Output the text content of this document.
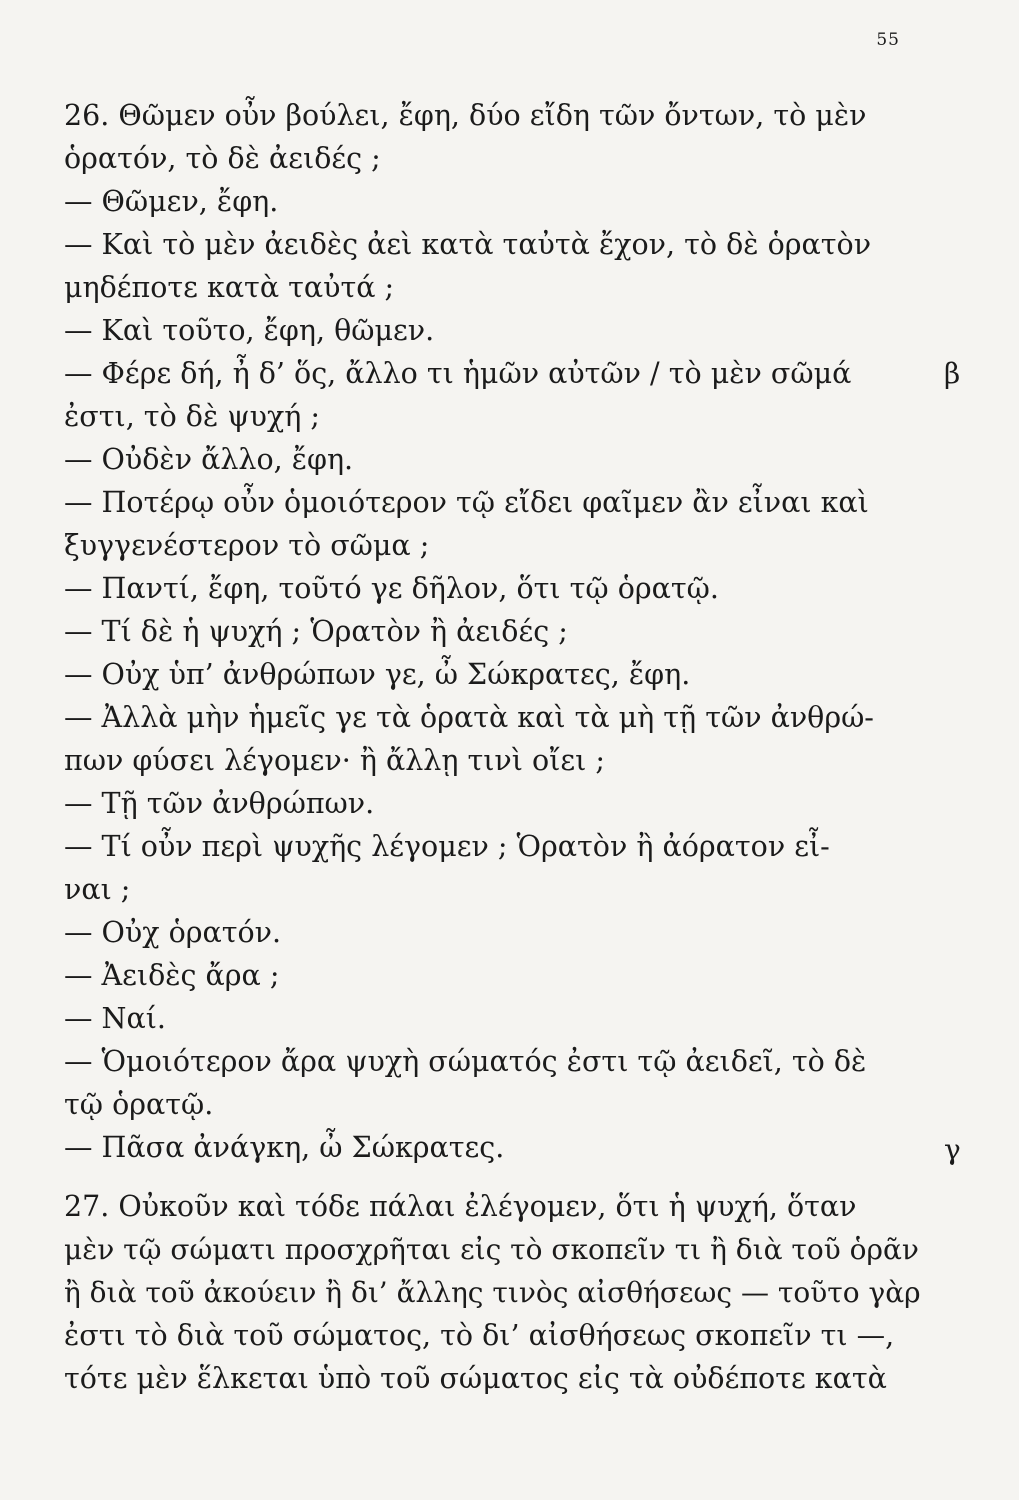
55
26. Θῶμεν οὖν βούλει, ἔφη, δύο εἴδη τῶν ὄντων, τὸ μὲν
ὁρατόν, τὸ δὲ ἀειδές ;
— Θῶμεν, ἔφη.
— Καὶ τὸ μὲν ἀειδὲς ἀεὶ κατὰ ταὐτὰ ἔχον, τὸ δὲ ὁρατὸν
μηδέποτε κατὰ ταὐτά ;
— Καὶ τοῦτο, ἔφη, θῶμεν.
— Φέρε δή, ἦ δ’ ὅς, ἄλλο τι ἡμῶν αὐτῶν / τὸ μὲν σῶμά
ἐστι, τὸ δὲ ψυχή ;
— Οὐδὲν ἄλλο, ἔφη.
— Ποτέρῳ οὖν ὁμοιότερον τῷ εἴδει φαῖμεν ἂν εἶναι καὶ
ξυγγενέστερον τὸ σῶμα ;
— Παντί, ἔφη, τοῦτό γε δῆλον, ὅτι τῷ ὁρατῷ.
— Τί δὲ ἡ ψυχή ; Ὁρατὸν ἢ ἀειδές ;
— Οὐχ ὑπ’ ἀνθρώπων γε, ὦ Σώκρατες, ἔφη.
— Ἀλλὰ μὴν ἡμεῖς γε τὰ ὁρατὰ καὶ τὰ μὴ τῇ τῶν ἀνθρώ-
πων φύσει λέγομεν· ἢ ἄλλῃ τινὶ οἴει ;
— Τῇ τῶν ἀνθρώπων.
— Τί οὖν περὶ ψυχῆς λέγομεν ; Ὁρατὸν ἢ ἀόρατον εἶ-
ναι ;
— Οὐχ ὁρατόν.
— Ἀειδὲς ἄρα ;
— Ναί.
— Ὁμοιότερον ἄρα ψυχὴ σώματός ἐστι τῷ ἀειδεῖ, τὸ δὲ
τῷ ὁρατῷ.
— Πᾶσα ἀνάγκη, ὦ Σώκρατες.
27. Οὐκοῦν καὶ τόδε πάλαι ἐλέγομεν, ὅτι ἡ ψυχή, ὅταν
μὲν τῷ σώματι προσχρῆται εἰς τὸ σκοπεῖν τι ἢ διὰ τοῦ ὁρᾶν
ἢ διὰ τοῦ ἀκούειν ἢ δι’ ἄλλης τινὸς αἰσθήσεως — τοῦτο γὰρ
ἐστι τὸ διὰ τοῦ σώματος, τὸ δι’ αἰσθήσεως σκοπεῖν τι —,
τότε μὲν ἕλκεται ὑπὸ τοῦ σώματος εἰς τὰ οὐδέποτε κατὰ
β
γ
